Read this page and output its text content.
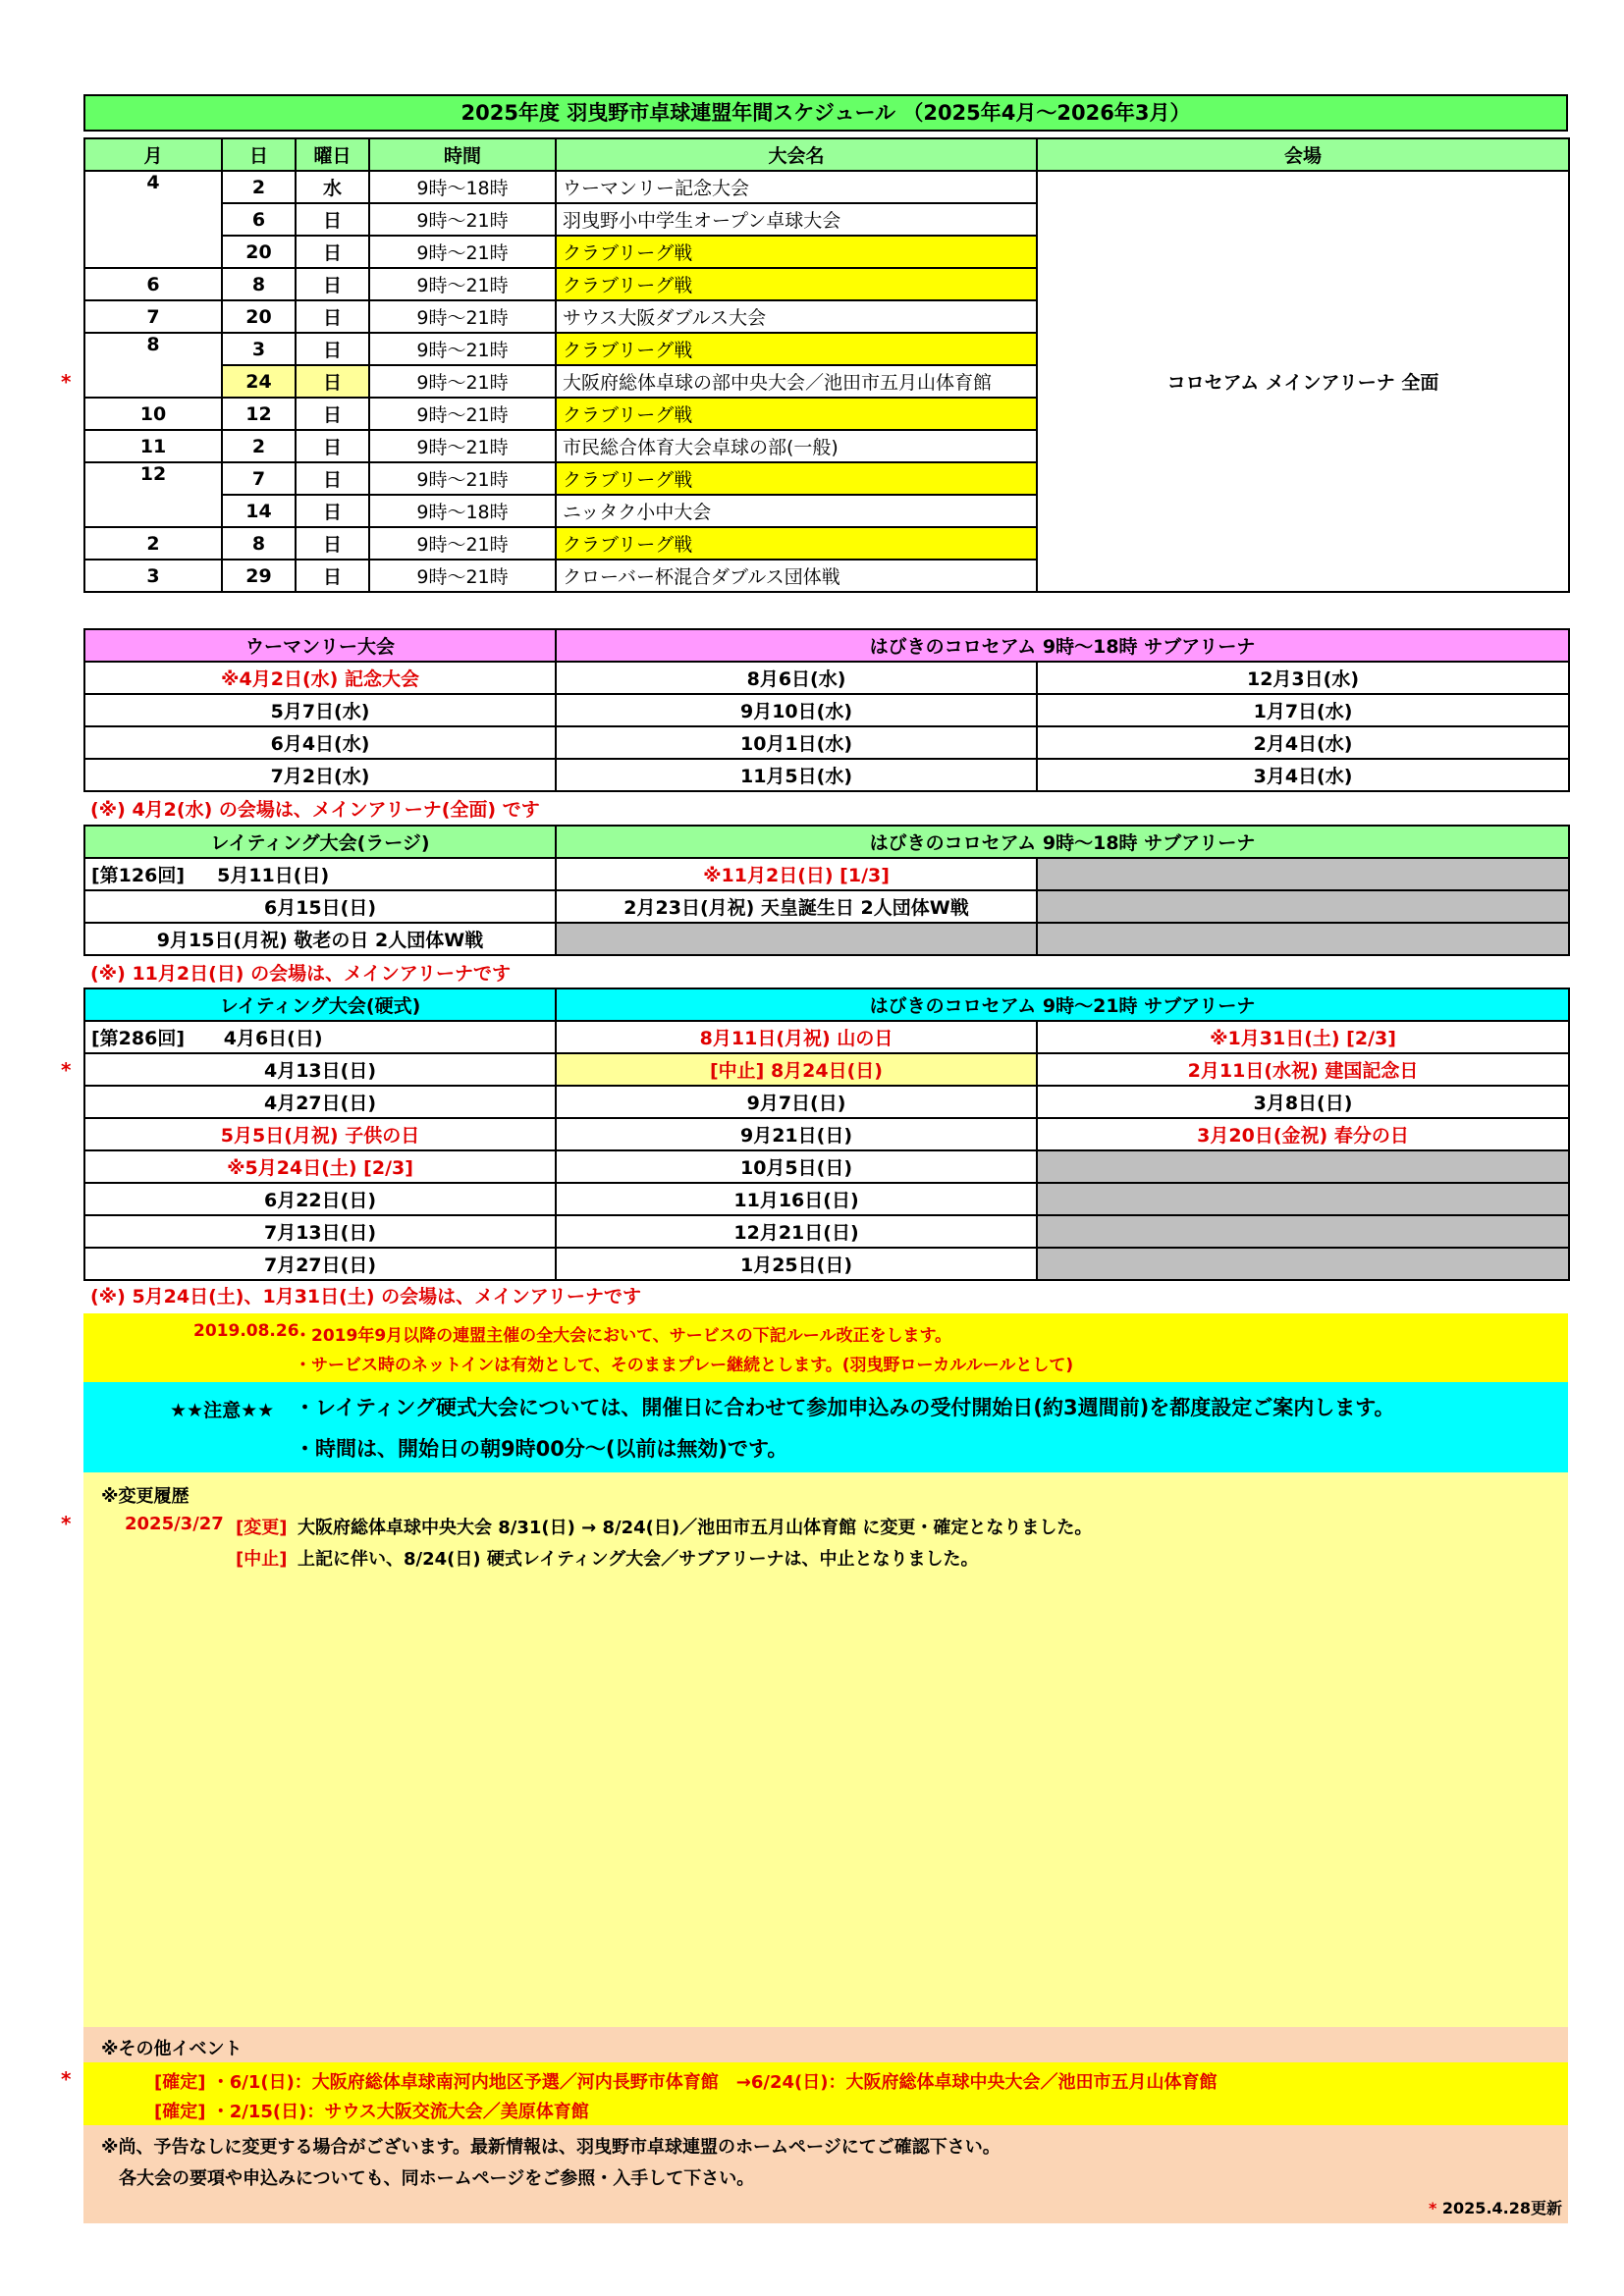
2025年度 羽曳野市卓球連盟年間スケジュール （2025年4月～2026年3月）
月	日	曜日	時間	大会名	会場
4	2	水	9時～18時	ウーマンリー記念大会	コロセアム メインアリーナ 全面
	6	日	9時～21時	羽曳野小中学生オープン卓球大会	
	20	日	9時～21時	クラブリーグ戦	
6	8	日	9時～21時	クラブリーグ戦	
7	20	日	9時～21時	サウス大阪ダブルス大会	
8	3	日	9時～21時	クラブリーグ戦	
	24	日	9時～21時	大阪府総体卓球の部中央大会／池田市五月山体育館	
10	12	日	9時～21時	クラブリーグ戦	
11	2	日	9時～21時	市民総合体育大会卓球の部(一般)	
12	7	日	9時～21時	クラブリーグ戦	
	14	日	9時～18時	ニッタク小中大会	
2	8	日	9時～21時	クラブリーグ戦	
3	29	日	9時～21時	クローバー杯混合ダブルス団体戦	
*
ウーマンリー大会	はびきのコロセアム 9時～18時 サブアリーナ	
※4月2日(水) 記念大会	8月6日(水)	12月3日(水)
5月7日(水)	9月10日(水)	1月7日(水)
6月4日(水)	10月1日(水)	2月4日(水)
7月2日(水)	11月5日(水)	3月4日(水)
(※) 4月2(水) の会場は、メインアリーナ(全面) です
レイティング大会(ラージ)	はびきのコロセアム 9時～18時 サブアリーナ	
[第126回] 5月11日(日)	※11月2日(日) [1/3]	
6月15日(日)	2月23日(月祝) 天皇誕生日 2人団体W戦	
9月15日(月祝) 敬老の日 2人団体W戦		
(※) 11月2日(日) の会場は、メインアリーナです
レイティング大会(硬式)	はびきのコロセアム 9時～21時 サブアリーナ	
[第286回] 4月6日(日)	8月11日(月祝) 山の日	※1月31日(土) [2/3]
4月13日(日)	[中止] 8月24日(日)	2月11日(水祝) 建国記念日
4月27日(日)	9月7日(日)	3月8日(日)
5月5日(月祝) 子供の日	9月21日(日)	3月20日(金祝) 春分の日
※5月24日(土) [2/3]	10月5日(日)	
6月22日(日)	11月16日(日)	
7月13日(日)	12月21日(日)	
7月27日(日)	1月25日(日)	
*
(※) 5月24日(土)、1月31日(土) の会場は、メインアリーナです
2019.08.26
・2019年9月以降の連盟主催の全大会において、サービスの下記ルール改正をします。
・サービス時のネットインは有効として、そのままプレー継続とします。(羽曳野ローカルルールとして)
★★注意★★ ・レイティング硬式大会については、開催日に合わせて参加申込みの受付開始日(約3週間前)を都度設定ご案内します。
・時間は、開始日の朝9時00分～(以前は無効)です。
※変更履歴
2025/3/27 [変更] 大阪府総体卓球中央大会 8/31(日) → 8/24(日)／池田市五月山体育館 に変更・確定となりました。
[中止] 上記に伴い、8/24(日) 硬式レイティング大会／サブアリーナは、中止となりました。
*
※その他イベント
[確定] ・6/1(日)：大阪府総体卓球南河内地区予選／河内長野市体育館　→6/24(日)：大阪府総体卓球中央大会／池田市五月山体育館
[確定] ・2/15(日)：サウス大阪交流大会／美原体育館
*
※尚、予告なしに変更する場合がございます。最新情報は、羽曳野市卓球連盟のホームページにてご確認下さい。
各大会の要項や申込みについても、同ホームページをご参照・入手して下さい。
* 2025.4.28更新
